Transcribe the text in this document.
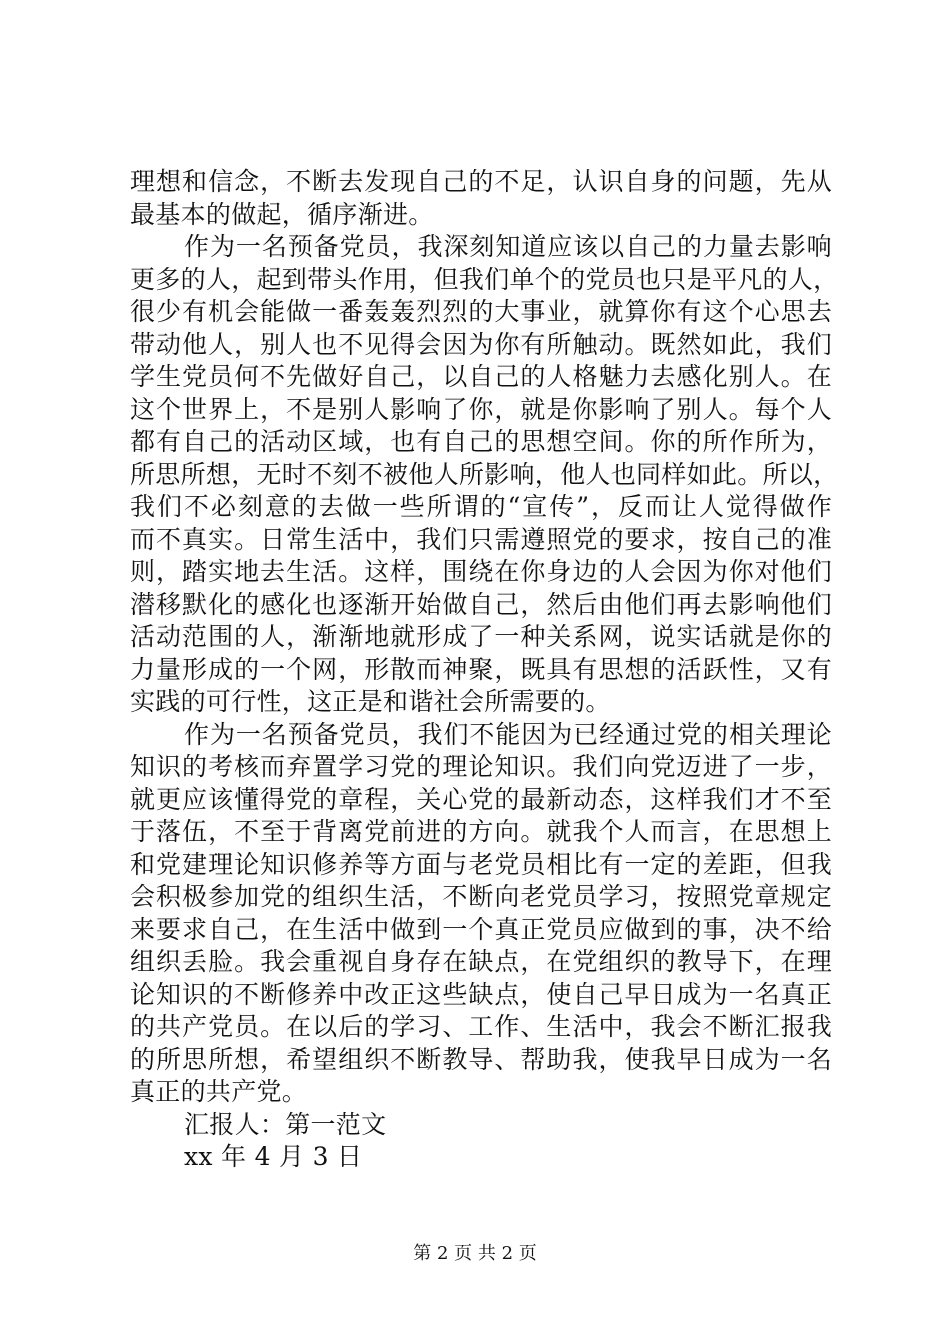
理想和信念，不断去发现自己的不足，认识自身的问题，先从
最基本的做起，循序渐进。
作为一名预备党员，我深刻知道应该以自己的力量去影响
更多的人，起到带头作用，但我们单个的党员也只是平凡的人，
很少有机会能做一番轰轰烈烈的大事业，就算你有这个心思去
带动他人，别人也不见得会因为你有所触动。既然如此，我们
学生党员何不先做好自己，以自己的人格魅力去感化别人。在
这个世界上，不是别人影响了你，就是你影响了别人。每个人
都有自己的活动区域，也有自己的思想空间。你的所作所为，
所思所想，无时不刻不被他人所影响，他人也同样如此。所以，
我们不必刻意的去做一些所谓的“宣传”，反而让人觉得做作
而不真实。日常生活中，我们只需遵照党的要求，按自己的准
则，踏实地去生活。这样，围绕在你身边的人会因为你对他们
潜移默化的感化也逐渐开始做自己，然后由他们再去影响他们
活动范围的人，渐渐地就形成了一种关系网，说实话就是你的
力量形成的一个网，形散而神聚，既具有思想的活跃性，又有
实践的可行性，这正是和谐社会所需要的。
作为一名预备党员，我们不能因为已经通过党的相关理论
知识的考核而弃置学习党的理论知识。我们向党迈进了一步，
就更应该懂得党的章程，关心党的最新动态，这样我们才不至
于落伍，不至于背离党前进的方向。就我个人而言，在思想上
和党建理论知识修养等方面与老党员相比有一定的差距，但我
会积极参加党的组织生活，不断向老党员学习，按照党章规定
来要求自己，在生活中做到一个真正党员应做到的事，决不给
组织丢脸。我会重视自身存在缺点，在党组织的教导下，在理
论知识的不断修养中改正这些缺点，使自己早日成为一名真正
的共产党员。在以后的学习、工作、生活中，我会不断汇报我
的所思所想，希望组织不断教导、帮助我，使我早日成为一名
真正的共产党。
汇报人：第一范文
xx 年 4 月 3 日
第 2 页 共 2 页
